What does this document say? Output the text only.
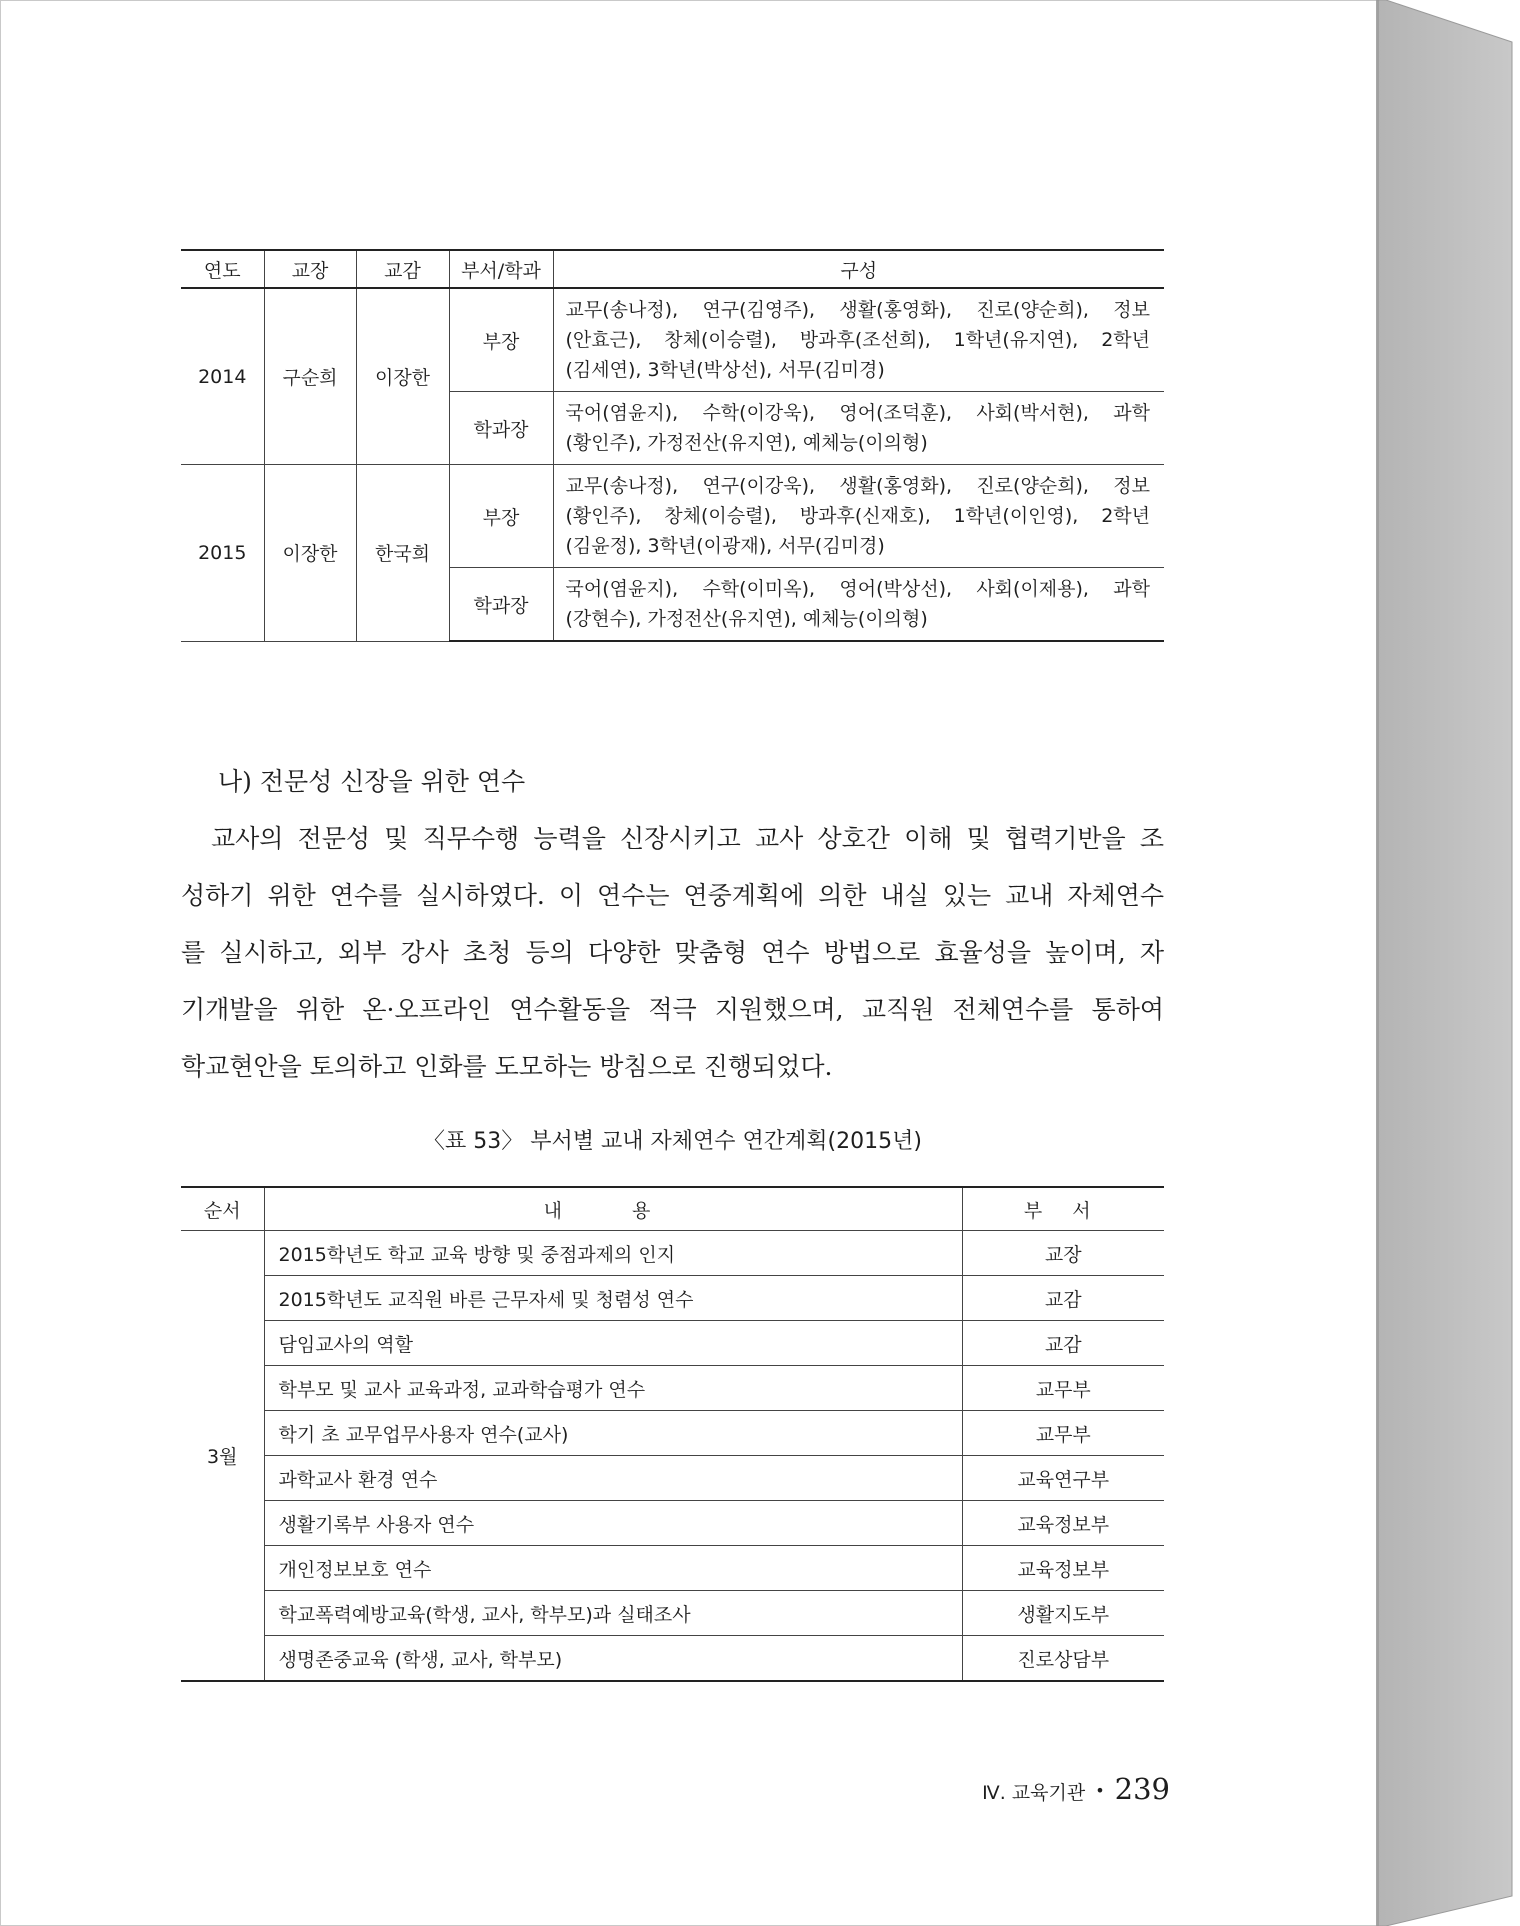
연도	교장	교감	부서/학과	구성
2014	구순희	이장한	부장	교무(송나정), 연구(김영주), 생활(홍영화), 진로(양순희), 정보
(안효근), 창체(이승렬), 방과후(조선희), 1학년(유지연), 2학년
(김세연), 3학년(박상선), 서무(김미경)

			학과장	국어(염윤지), 수학(이강욱), 영어(조덕훈), 사회(박서현), 과학
(황인주), 가정전산(유지연), 예체능(이의형)

2015	이장한	한국희	부장	교무(송나정), 연구(이강욱), 생활(홍영화), 진로(양순희), 정보
(황인주), 창체(이승렬), 방과후(신재호), 1학년(이인영), 2학년
(김윤정), 3학년(이광재), 서무(김미경)

			학과장	국어(염윤지), 수학(이미옥), 영어(박상선), 사회(이제용), 과학
(강현수), 가정전산(유지연), 예체능(이의형)
나) 전문성 신장을 위한 연수

교사의 전문성 및 직무수행 능력을 신장시키고 교사 상호간 이해 및 협력기반을 조
성하기 위한 연수를 실시하였다. 이 연수는 연중계획에 의한 내실 있는 교내 자체연수
를 실시하고, 외부 강사 초청 등의 다양한 맞춤형 연수 방법으로 효율성을 높이며, 자
기개발을 위한 온·오프라인 연수활동을 적극 지원했으며, 교직원 전체연수를 통하여
학교현안을 토의하고 인화를 도모하는 방침으로 진행되었다.

〈표 53〉 부서별 교내 자체연수 연간계획(2015년)
순서	내 용	부 서
3월	2015학년도 학교 교육 방향 및 중점과제의 인지	교장
	2015학년도 교직원 바른 근무자세 및 청렴성 연수	교감
	담임교사의 역할	교감
	학부모 및 교사 교육과정, 교과학습평가 연수	교무부
	학기 초 교무업무사용자 연수(교사)	교무부
	과학교사 환경 연수	교육연구부
	생활기록부 사용자 연수	교육정보부
	개인정보보호 연수	교육정보부
	학교폭력예방교육(학생, 교사, 학부모)과 실태조사	생활지도부
	생명존중교육 (학생, 교사, 학부모)	진로상담부
Ⅳ. 교육기관 • 239
